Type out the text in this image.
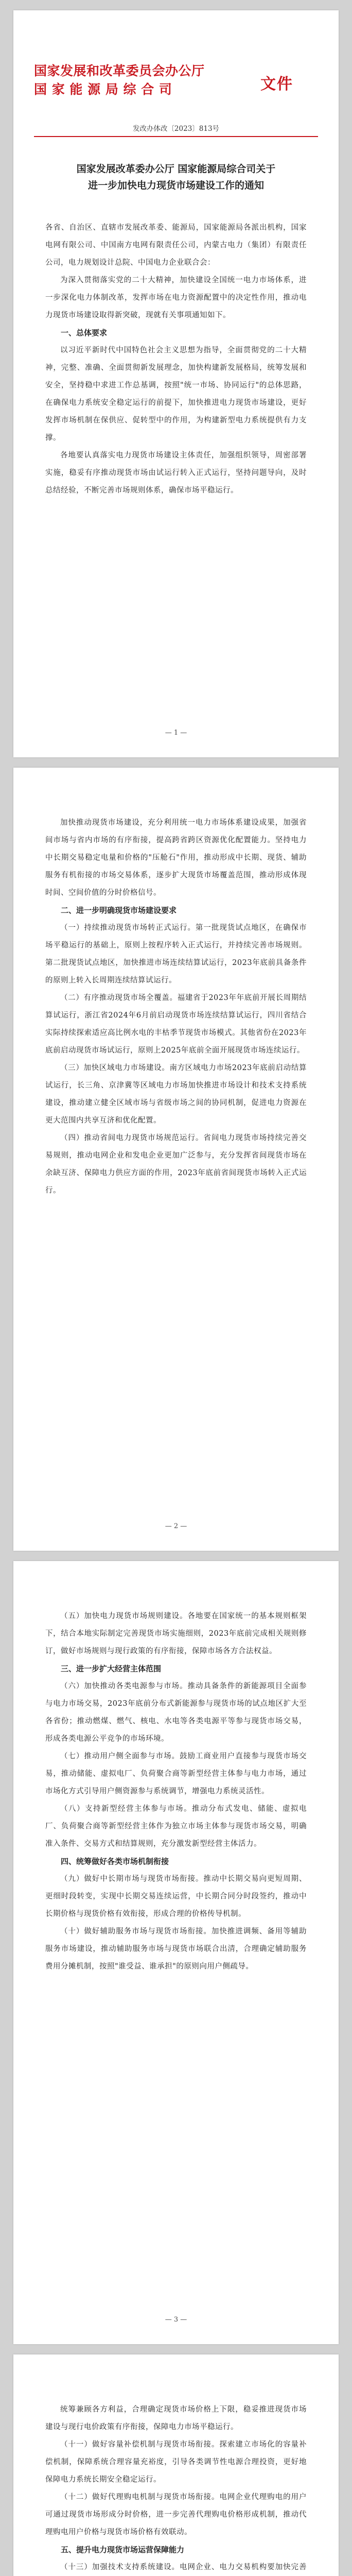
国家发展和改革委员会办公厅
国 家 能 源 局 综 合 司	文件
发改办体改〔2023〕813号
国家发展改革委办公厅 国家能源局综合司关于
进一步加快电力现货市场建设工作的通知

各省、自治区、直辖市发展改革委、能源局，国家能源局各派出机构，国家电网有限公司、中国南方电网有限责任公司，内蒙古电力（集团）有限责任公司，电力规划设计总院、中国电力企业联合会：

为深入贯彻落实党的二十大精神，加快建设全国统一电力市场体系，进一步深化电力体制改革，发挥市场在电力资源配置中的决定性作用，推动电力现货市场建设取得新突破，现就有关事项通知如下。

一、总体要求

以习近平新时代中国特色社会主义思想为指导，全面贯彻党的二十大精神，完整、准确、全面贯彻新发展理念，加快构建新发展格局，统筹发展和安全，坚持稳中求进工作总基调，按照"统一市场、协同运行"的总体思路，在确保电力系统安全稳定运行的前提下，加快推进电力现货市场建设，更好发挥市场机制在保供应、促转型中的作用，为构建新型电力系统提供有力支撑。

各地要认真落实电力现货市场建设主体责任，加强组织领导，周密部署实施，稳妥有序推动现货市场由试运行转入正式运行，坚持问题导向，及时总结经验，不断完善市场规则体系，确保市场平稳运行。

— 1 —

加快推动现货市场建设，充分利用统一电力市场体系建设成果，加强省间市场与省内市场的有序衔接，提高跨省跨区资源优化配置能力。坚持电力中长期交易稳定电量和价格的"压舱石"作用，推动形成中长期、现货、辅助服务有机衔接的市场交易体系，逐步扩大现货市场覆盖范围，推动形成体现时间、空间价值的分时价格信号。

二、进一步明确现货市场建设要求

（一）持续推动现货市场转正式运行。第一批现货试点地区，在确保市场平稳运行的基础上，原则上按程序转入正式运行，并持续完善市场规则。第二批现货试点地区，加快推进市场连续结算试运行，2023年底前具备条件的原则上转入长周期连续结算试运行。

（二）有序推动现货市场全覆盖。福建省于2023年年底前开展长周期结算试运行，浙江省2024年6月前启动现货市场连续结算试运行，四川省结合实际持续探索适应高比例水电的丰枯季节现货市场模式。其他省份在2023年底前启动现货市场试运行，原则上2025年底前全面开展现货市场连续运行。

（三）加快区域电力市场建设。南方区域电力市场2023年底前启动结算试运行，长三角、京津冀等区域电力市场加快推进市场设计和技术支持系统建设，推动建立健全区域市场与省级市场之间的协同机制，促进电力资源在更大范围内共享互济和优化配置。

（四）推动省间电力现货市场规范运行。省间电力现货市场持续完善交易规则，推动电网企业和发电企业更加广泛参与，充分发挥省间现货市场在余缺互济、保障电力供应方面的作用，2023年底前省间现货市场转入正式运行。

— 2 —

（五）加快电力现货市场规则建设。各地要在国家统一的基本规则框架下，结合本地实际制定完善现货市场实施细则，2023年底前完成相关规则修订，做好市场规则与现行政策的有序衔接，保障市场各方合法权益。

三、进一步扩大经营主体范围

（六）加快推动各类电源参与市场。推动具备条件的新能源项目全面参与电力市场交易，2023年底前分布式新能源参与现货市场的试点地区扩大至各省份；推动燃煤、燃气、核电、水电等各类电源平等参与现货市场交易，形成各类电源公平竞争的市场环境。

（七）推动用户侧全面参与市场。鼓励工商业用户直接参与现货市场交易，推动储能、虚拟电厂、负荷聚合商等新型经营主体参与电力市场，通过市场化方式引导用户侧资源参与系统调节，增强电力系统灵活性。

（八）支持新型经营主体参与市场。推动分布式发电、储能、虚拟电厂、负荷聚合商等新型经营主体作为独立市场主体参与现货市场交易，明确准入条件、交易方式和结算规则，充分激发新型经营主体活力。

四、统筹做好各类市场机制衔接

（九）做好中长期市场与现货市场衔接。推动中长期交易向更短周期、更细时段转变，实现中长期交易连续运营，中长期合同分时段签约，推动中长期价格与现货价格有效衔接，形成合理的价格传导机制。

（十）做好辅助服务市场与现货市场衔接。加快推进调频、备用等辅助服务市场建设，推动辅助服务市场与现货市场联合出清，合理确定辅助服务费用分摊机制，按照"谁受益、谁承担"的原则向用户侧疏导。

— 3 —

统筹兼顾各方利益，合理确定现货市场价格上下限，稳妥推进现货市场建设与现行电价政策有序衔接，保障电力市场平稳运行。

（十一）做好容量补偿机制与现货市场衔接。探索建立市场化的容量补偿机制，保障系统合理容量充裕度，引导各类调节性电源合理投资，更好地保障电力系统长期安全稳定运行。

（十二）做好代理购电机制与现货市场衔接。电网企业代理购电的用户可通过现货市场形成分时价格，进一步完善代理购电价格形成机制，推动代理购电用户价格与现货市场价格有效联动。

五、提升电力现货市场运营保障能力

（十三）加强技术支持系统建设。电网企业、电力交易机构要加快完善
